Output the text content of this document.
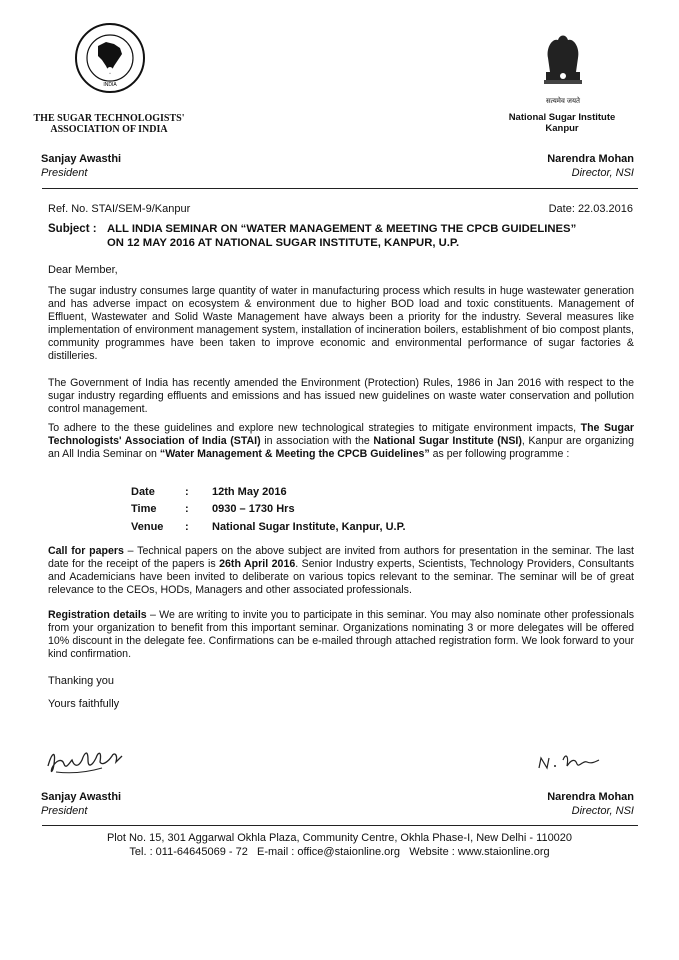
INDIA
THE SUGAR TECHNOLOGISTS'
ASSOCIATION OF INDIA
सत्यमेव जयते
National Sugar Institute
Kanpur
Sanjay Awasthi
President
Narendra Mohan
Director, NSI
Ref. No. STAI/SEM-9/Kanpur	Date: 22.03.2016
Subject : ALL INDIA SEMINAR ON “WATER MANAGEMENT & MEETING THE CPCB GUIDELINES”
ON 12 MAY 2016 AT NATIONAL SUGAR INSTITUTE, KANPUR, U.P.
Dear Member,

The sugar industry consumes large quantity of water in manufacturing process which results in huge wastewater generation and has adverse impact on ecosystem & environment due to higher BOD load and toxic constituents. Management of Effluent, Wastewater and Solid Waste Management have always been a priority for the industry. Several measures like implementation of environment management system, installation of incineration boilers, establishment of bio compost plants, community programmes have been taken to improve economic and environmental performance of sugar factories & distilleries.

The Government of India has recently amended the Environment (Protection) Rules, 1986 in Jan 2016 with respect to the sugar industry regarding effluents and emissions and has issued new guidelines on waste water conservation and pollution control management.

To adhere to the these guidelines and explore new technological strategies to mitigate environment impacts, The Sugar Technologists' Association of India (STAI) in association with the National Sugar Institute (NSI), Kanpur are organizing an All India Seminar on “Water Management & Meeting the CPCB Guidelines” as per following programme :

Date	: 12th May 2016
Time	: 0930 – 1730 Hrs
Venue : National Sugar Institute, Kanpur, U.P.

Call for papers – Technical papers on the above subject are invited from authors for presentation in the seminar. The last date for the receipt of the papers is 26th April 2016. Senior Industry experts, Scientists, Technology Providers, Consultants and Academicians have been invited to deliberate on various topics relevant to the seminar. The seminar will be of great relevance to the CEOs, HODs, Managers and other associated professionals.

Registration details – We are writing to invite you to participate in this seminar. You may also nominate other professionals from your organization to benefit from this important seminar. Organizations nominating 3 or more delegates will be offered 10% discount in the delegate fee. Confirmations can be e-mailed through attached registration form. We look forward to your kind confirmation.

Thanking you
Yours faithfully
Sanjay Awasthi
President
Narendra Mohan
Director, NSI
Plot No. 15, 301 Aggarwal Okhla Plaza, Community Centre, Okhla Phase-I, New Delhi - 110020
Tel. : 011-64645069 - 72   E-mail : office@staionline.org   Website : www.staionline.org
